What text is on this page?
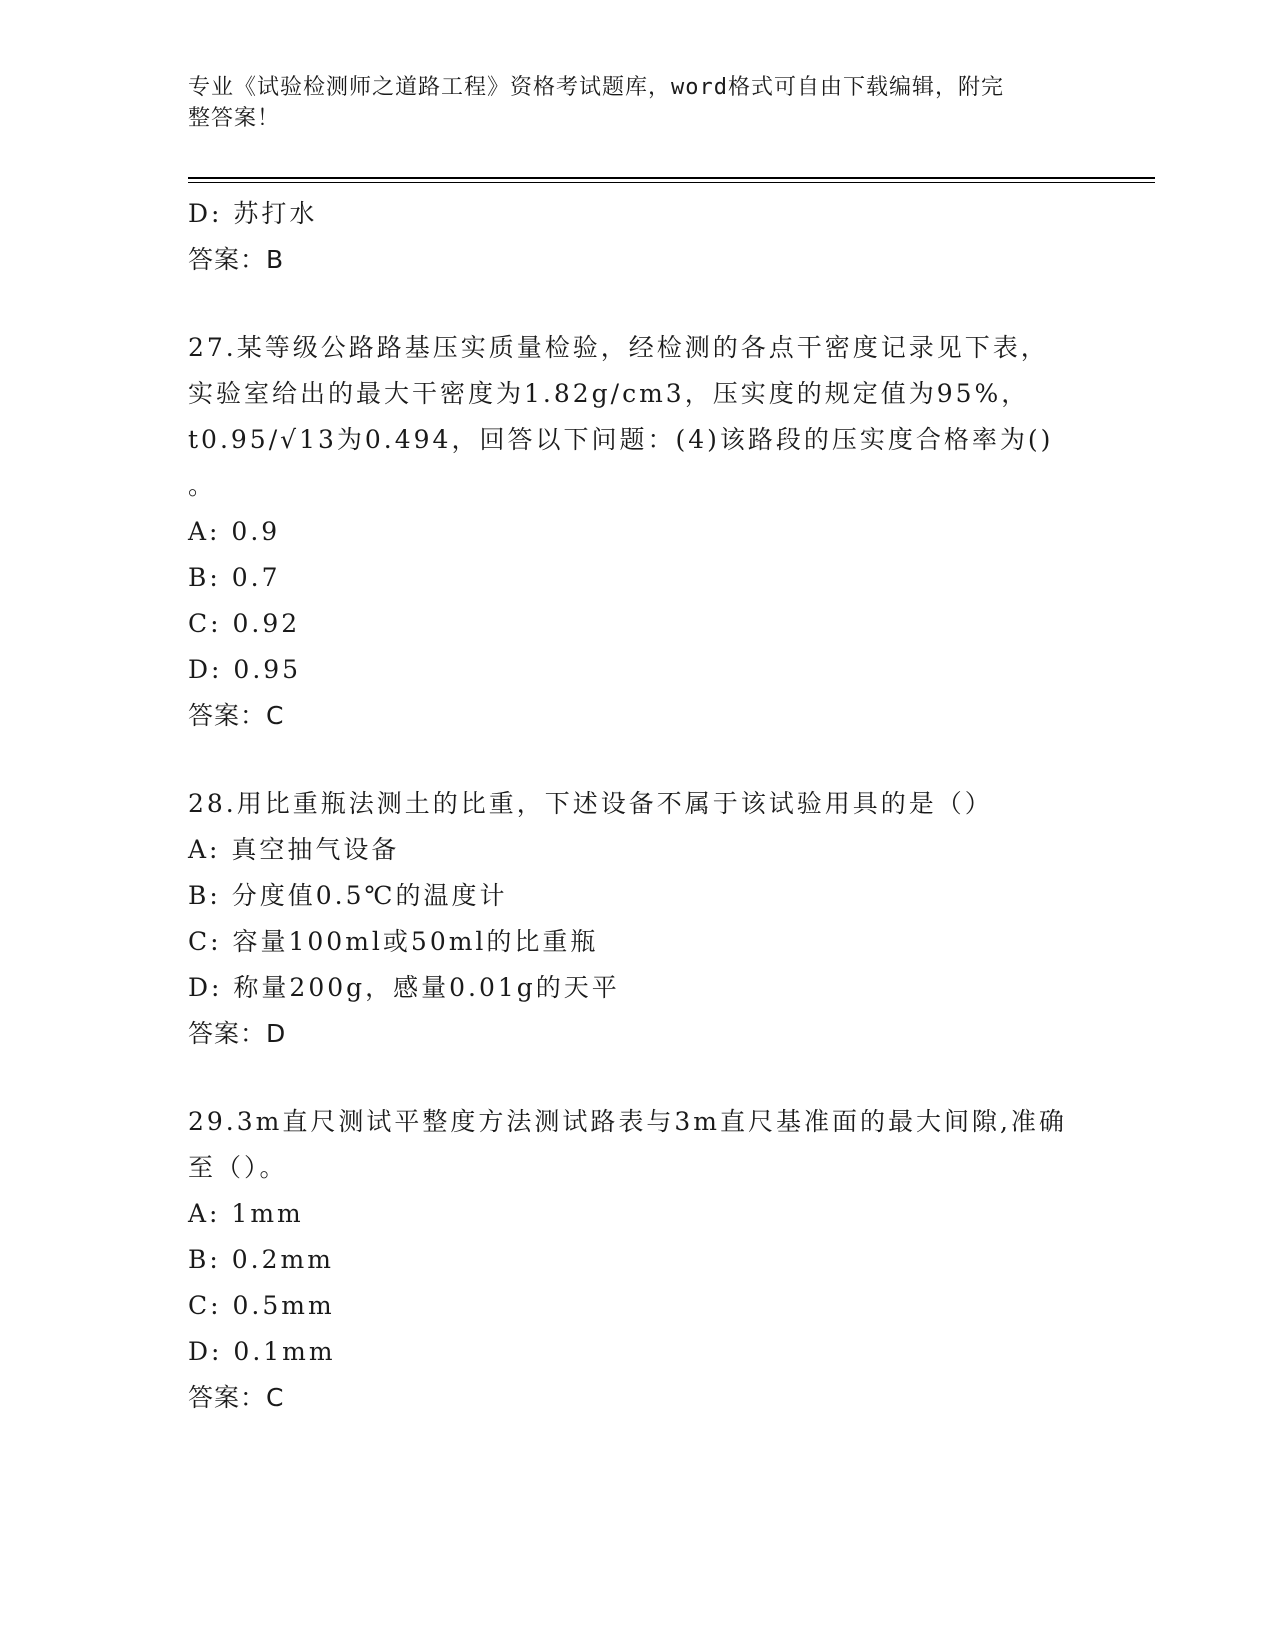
专业《试验检测师之道路工程》资格考试题库，word格式可自由下载编辑，附完
整答案！
D: 苏打水
答案：B
27.某等级公路路基压实质量检验，经检测的各点干密度记录见下表，
实验室给出的最大干密度为1.82g/cm3，压实度的规定值为95%，
t0.95/√13为0.494，回答以下问题：(4)该路段的压实度合格率为()
。
A: 0.9
B: 0.7
C: 0.92
D: 0.95
答案：C
28.用比重瓶法测土的比重，下述设备不属于该试验用具的是（）
A: 真空抽气设备
B: 分度值0.5℃的温度计
C: 容量100ml或50ml的比重瓶
D: 称量200g，感量0.01g的天平
答案：D
29.3m直尺测试平整度方法测试路表与3m直尺基准面的最大间隙,准确
至（）。
A: 1mm
B: 0.2mm
C: 0.5mm
D: 0.1mm
答案：C
